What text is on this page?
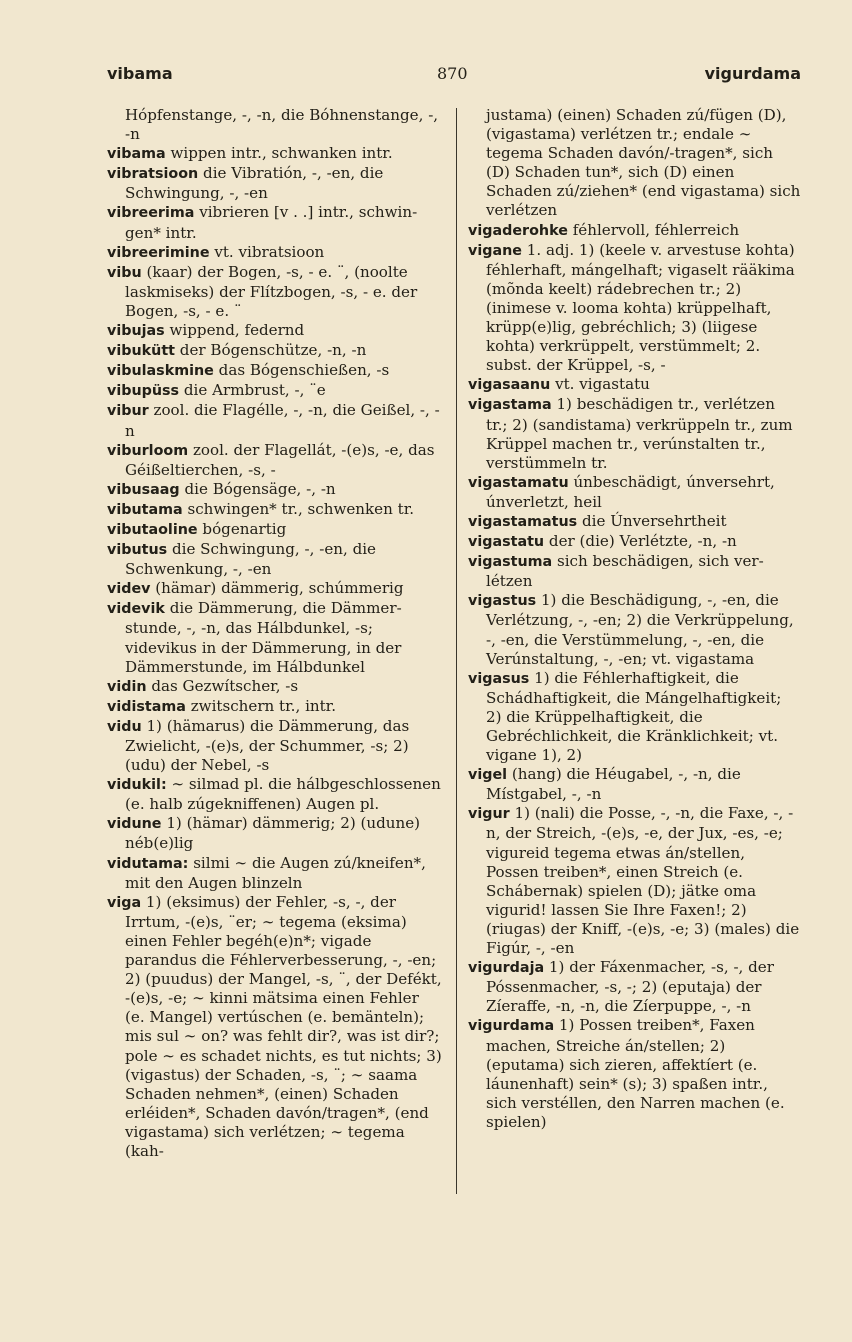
vibama	870	vigurdama

Hópfenstange, -, -n, die Bóhnenstange, -, -n

vibama wippen intr., schwanken intr.

vibratsioon die Vibratión, -, -en, die Schwingung, -, -en

vibreerima vibrieren [v . .] intr., schwingen* intr.

vibreerimine vt. vibratsioon

vibu (kaar) der Bogen, -s, - e. ¨, (noolte laskmiseks) der Flítzbogen, -s, - e. der Bogen, -s, - e. ¨

vibujas wippend, federnd

vibukütt der Bógenschütze, -n, -n

vibulaskmine das Bógenschießen, -s

vibupüss die Armbrust, -, ¨e

vibur zool. die Flagélle, -, -n, die Geißel, -, -n

viburloom zool. der Flagellát, -(e)s, -e, das Géißeltierchen, -s, -

vibusaag die Bógensäge, -, -n

vibutama schwingen* tr., schwenken tr.

vibutaoline bógenartig

vibutus die Schwingung, -, -en, die Schwenkung, -, -en

videv (hämar) dämmerig, schúmmerig

videvik die Dämmerung, die Dämmerstunde, -, -n, das Hálbdunkel, -s; videvikus in der Dämmerung, in der Dämmerstunde, im Hálbdunkel

vidin das Gezwítscher, -s

vidistama zwitschern tr., intr.

vidu 1) (hämarus) die Dämmerung, das Zwielicht, -(e)s, der Schummer, -s; 2) (udu) der Nebel, -s

vidukil: ∼ silmad pl. die hálbgeschlossenen (e. halb zúgekniffenen) Augen pl.

vidune 1) (hämar) dämmerig; 2) (udune) néb(e)lig

vidutama: silmi ∼ die Augen zú/kneifen*, mit den Augen blinzeln

viga 1) (eksimus) der Fehler, -s, -, der Irrtum, -(e)s, ¨er; ∼ tegema (eksima) einen Fehler begéh(e)n*; vigade parandus die Féhlerverbesserung, -, -en; 2) (puudus) der Mangel, -s, ¨, der Defékt, -(e)s, -e; ∼ kinni mätsima einen Fehler (e. Mangel) vertúschen (e. bemänteln); mis sul ∼ on? was fehlt dir?, was ist dir?; pole ∼ es schadet nichts, es tut nichts; 3) (vigastus) der Schaden, -s, ¨; ∼ saama Schaden nehmen*, (einen) Schaden erléiden*, Schaden davón/tragen*, (end vigastama) sich verlétzen; ∼ tegema (kah-

justama) (einen) Schaden zú/fügen (D), (vigastama) verlétzen tr.; endale ∼ tegema Schaden davón/-tragen*, sich (D) Schaden tun*, sich (D) einen Schaden zú/ziehen* (end vigastama) sich verlétzen

vigaderohke féhlervoll, féhlerreich

vigane 1. adj. 1) (keele v. arvestuse kohta) féhlerhaft, mángelhaft; vigaselt rääkima (mõnda keelt) rádebrechen tr.; 2) (inimese v. looma kohta) krüppelhaft, krüpp(e)lig, gebréchlich; 3) (liigese kohta) verkrüppelt, verstümmelt; 2. subst. der Krüppel, -s, -

vigasaanu vt. vigastatu

vigastama 1) beschädigen tr., verlétzen tr.; 2) (sandistama) verkrüppeln tr., zum Krüppel machen tr., verúnstalten tr., verstümmeln tr.

vigastamatu únbeschädigt, únversehrt, únverletzt, heil

vigastamatus die Únversehrtheit

vigastatu der (die) Verlétzte, -n, -n

vigastuma sich beschädigen, sich verlétzen

vigastus 1) die Beschädigung, -, -en, die Verlétzung, -, -en; 2) die Verkrüppelung, -, -en, die Verstümmelung, -, -en, die Verúnstaltung, -, -en; vt. vigastama

vigasus 1) die Féhlerhaftigkeit, die Schádhaftigkeit, die Mángelhaftigkeit; 2) die Krüppelhaftigkeit, die Gebréchlichkeit, die Kränklichkeit; vt. vigane 1), 2)

vigel (hang) die Héugabel, -, -n, die Místgabel, -, -n

vigur 1) (nali) die Posse, -, -n, die Faxe, -, -n, der Streich, -(e)s, -e, der Jux, -es, -e; vigureid tegema etwas án/stellen, Possen treiben*, einen Streich (e. Schábernak) spielen (D); jätke oma vigurid! lassen Sie Ihre Faxen!; 2) (riugas) der Kniff, -(e)s, -e; 3) (males) die Figúr, -, -en

vigurdaja 1) der Fáxenmacher, -s, -, der Póssenmacher, -s, -; 2) (eputaja) der Zíeraffe, -n, -n, die Zíerpuppe, -, -n

vigurdama 1) Possen treiben*, Faxen machen, Streiche án/stellen; 2) (eputama) sich zieren, affektíert (e. láunenhaft) sein* (s); 3) spaßen intr., sich verstéllen, den Narren machen (e. spielen)
